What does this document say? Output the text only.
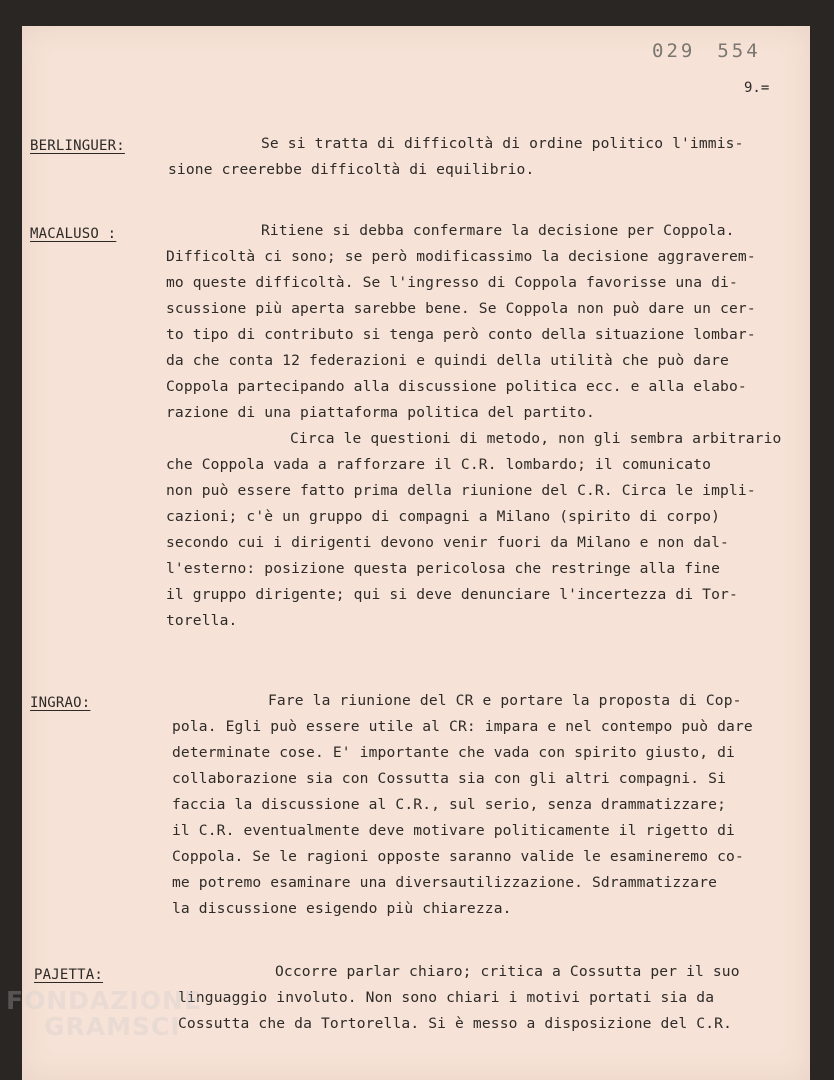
029 554
9.=
BERLINGUER:	Se si tratta di difficoltà di ordine politico l'immis-
sione creerebbe difficoltà di equilibrio.
MACALUSO :	Ritiene si debba confermare la decisione per Coppola.
Difficoltà ci sono; se però modificassimo la decisione aggraverem-
mo queste difficoltà. Se l'ingresso di Coppola favorisse una di-
scussione più aperta sarebbe bene. Se Coppola non può dare un cer-
to tipo di contributo si tenga però conto della situazione lombar-
da che conta 12 federazioni e quindi della utilità che può dare
Coppola partecipando alla discussione politica ecc. e alla elabo-
razione di una piattaforma politica del partito.
Circa le questioni di metodo, non gli sembra arbitrario
che Coppola vada a rafforzare il C.R. lombardo; il comunicato
non può essere fatto prima della riunione del C.R. Circa le impli-
cazioni; c'è un gruppo di compagni a Milano (spirito di corpo)
secondo cui i dirigenti devono venir fuori da Milano e non dal-
l'esterno: posizione questa pericolosa che restringe alla fine
il gruppo dirigente; qui si deve denunciare l'incertezza di Tor-
torella.
INGRAO:	Fare la riunione del CR e portare la proposta di Cop-
pola. Egli può essere utile al CR: impara e nel contempo può dare
determinate cose. E' importante che vada con spirito giusto, di
collaborazione sia con Cossutta sia con gli altri compagni. Si
faccia la discussione al C.R., sul serio, senza drammatizzare;
il C.R. eventualmente deve motivare politicamente il rigetto di
Coppola. Se le ragioni opposte saranno valide le esamineremo co-
me potremo esaminare una diversautilizzazione. Sdrammatizzare
la discussione esigendo più chiarezza.
PAJETTA:	Occorre parlar chiaro; critica a Cossutta per il suo
linguaggio involuto. Non sono chiari i motivi portati sia da
Cossutta che da Tortorella. Si è messo a disposizione del C.R.
FONDAZIONE
GRAMSCI
